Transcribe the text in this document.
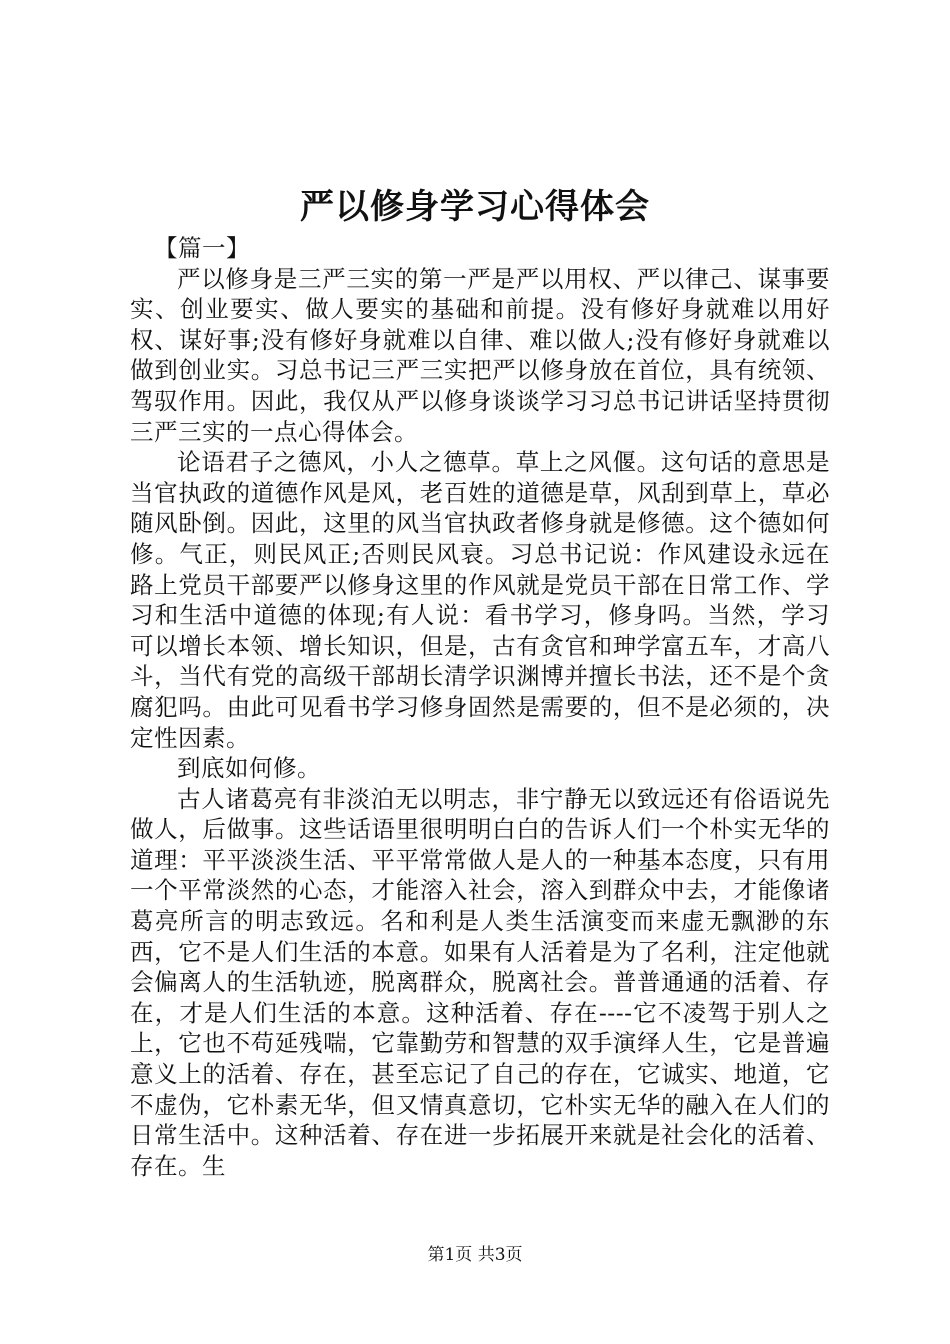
严以修身学习心得体会

【篇一】

严以修身是三严三实的第一严是严以用权、严以律己、谋事要实、创业要实、做人要实的基础和前提。没有修好身就难以用好权、谋好事;没有修好身就难以自律、难以做人;没有修好身就难以做到创业实。习总书记三严三实把严以修身放在首位，具有统领、驾驭作用。因此，我仅从严以修身谈谈学习习总书记讲话坚持贯彻三严三实的一点心得体会。

论语君子之德风，小人之德草。草上之风偃。这句话的意思是当官执政的道德作风是风，老百姓的道德是草，风刮到草上，草必随风卧倒。因此，这里的风当官执政者修身就是修德。这个德如何修。气正，则民风正;否则民风衰。习总书记说：作风建设永远在路上党员干部要严以修身这里的作风就是党员干部在日常工作、学习和生活中道德的体现;有人说：看书学习，修身吗。当然，学习可以增长本领、增长知识，但是，古有贪官和珅学富五车，才高八斗，当代有党的高级干部胡长清学识渊博并擅长书法，还不是个贪腐犯吗。由此可见看书学习修身固然是需要的，但不是必须的，决定性因素。

到底如何修。

古人诸葛亮有非淡泊无以明志，非宁静无以致远还有俗语说先做人，后做事。这些话语里很明明白白的告诉人们一个朴实无华的道理：平平淡淡生活、平平常常做人是人的一种基本态度，只有用一个平常淡然的心态，才能溶入社会，溶入到群众中去，才能像诸葛亮所言的明志致远。名和利是人类生活演变而来虚无飘渺的东西，它不是人们生活的本意。如果有人活着是为了名利，注定他就会偏离人的生活轨迹，脱离群众，脱离社会。普普通通的活着、存在，才是人们生活的本意。这种活着、存在----它不凌驾于别人之上，它也不苟延残喘，它靠勤劳和智慧的双手演绎人生，它是普遍意义上的活着、存在，甚至忘记了自己的存在，它诚实、地道，它不虚伪，它朴素无华，但又情真意切，它朴实无华的融入在人们的日常生活中。这种活着、存在进一步拓展开来就是社会化的活着、存在。生

第1页 共3页
